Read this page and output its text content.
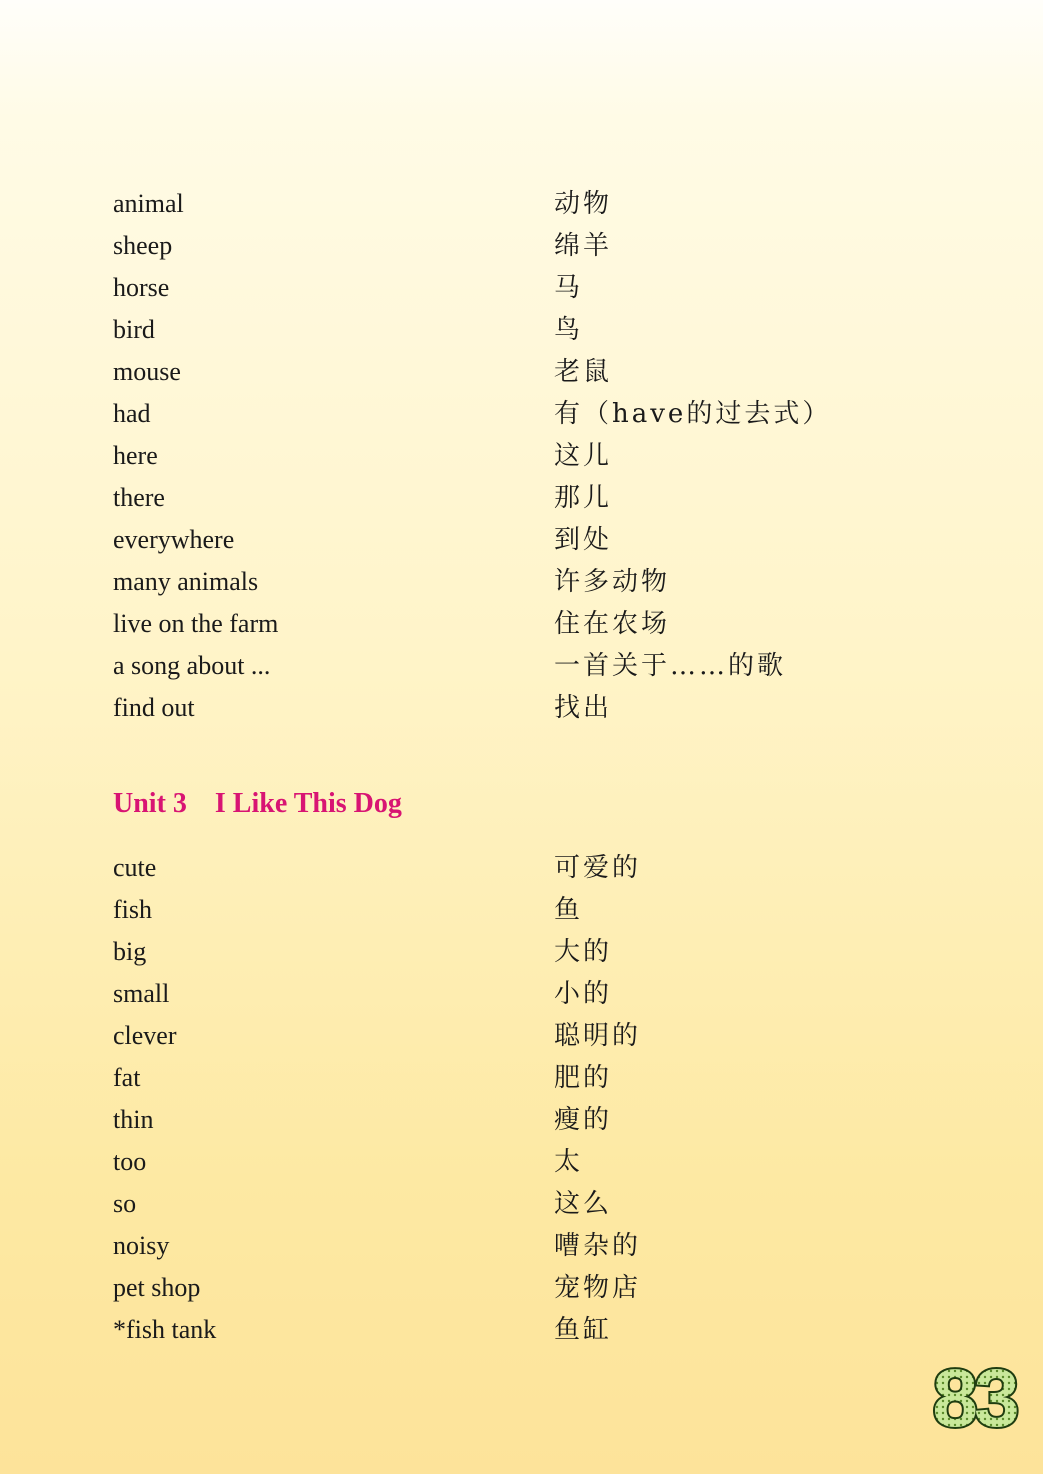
animal	动物
sheep	绵羊
horse	马
bird	鸟
mouse	老鼠
had	有（have的过去式）
here	这儿
there	那儿
everywhere	到处
many animals	许多动物
live on the farm	住在农场
a song about ...	一首关于……的歌
find out	找出
Unit 3 I Like This Dog
cute	可爱的
fish	鱼
big	大的
small	小的
clever	聪明的
fat	肥的
thin	瘦的
too	太
so	这么
noisy	嘈杂的
pet shop	宠物店
*fish tank	鱼缸
83
